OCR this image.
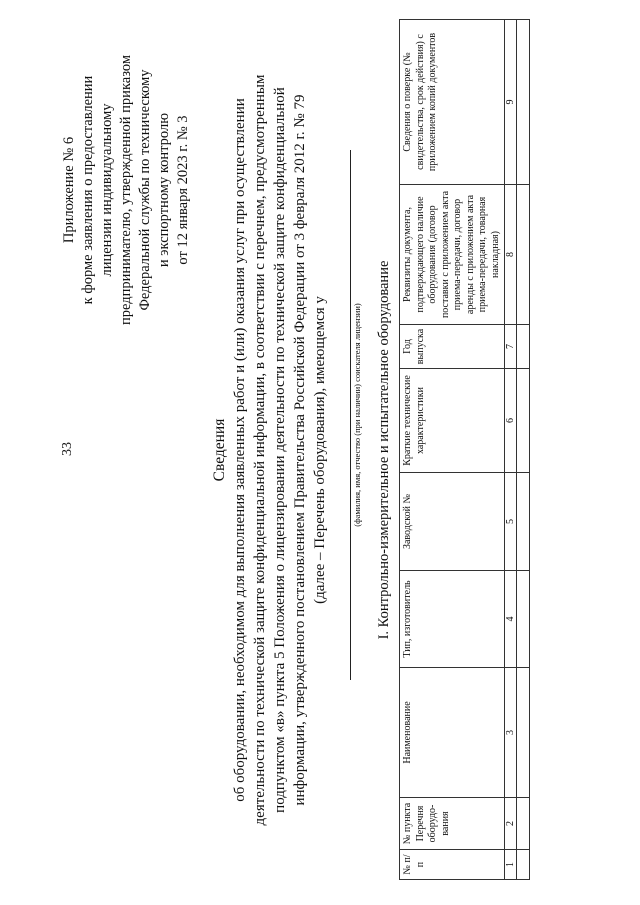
33
Приложение № 6 к форме заявления о предоставлении лицензии индивидуальному предпринимателю, утвержденной приказом Федеральной службы по техническому и экспортному контролю от 12 января 2023 г. № 3
Сведения об оборудовании, необходимом для выполнения заявленных работ и (или) оказания услуг при осуществлении деятельности по технической защите конфиденциальной информации, в соответствии с перечнем, предусмотренным подпунктом «в» пункта 5 Положения о лицензировании деятельности по технической защите конфиденциальной информации, утвержденного постановлением Правительства Российской Федерации от 3 февраля 2012 г. № 79 (далее – Перечень оборудования), имеющемся у	(фамилия, имя, отчество (при наличии) соискателя лицензии) I. Контрольно-измерительное и испытательное оборудование
№ п/п	№ пункта Перечня оборудо-вания	Наименование	Тип, изготовитель	Заводской №	Краткие технические характеристики	Год выпуска	Реквизиты документа, подтверждающего наличие оборудования (договор поставки с приложением акта приема-передачи, договор аренды с приложением акта приема-передачи, товарная накладная)	Сведения о поверке (№ свидетельства, срок действия) с приложением копий документов
1	2	3	4	5	6	7	8	9
